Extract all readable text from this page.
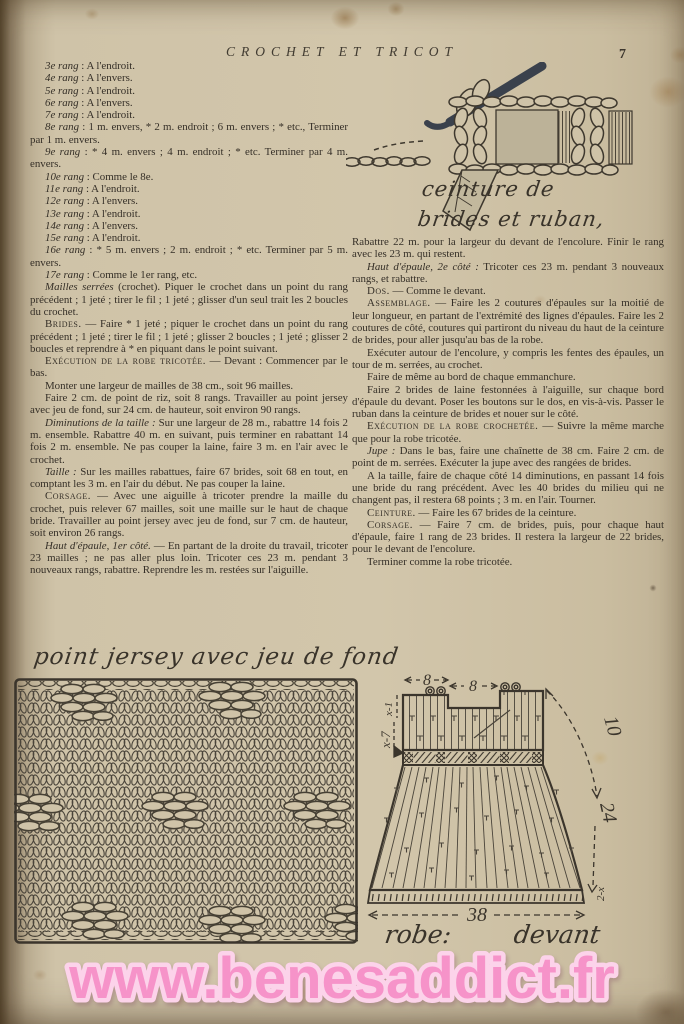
CROCHET ET TRICOT	7

3e rang : A l'endroit.

4e rang : A l'envers.

5e rang : A l'endroit.

6e rang : A l'envers.

7e rang : A l'endroit.

8e rang : 1 m. envers, * 2 m. endroit ; 6 m. envers ; * etc., Terminer par 1 m. envers.

9e rang : * 4 m. envers ; 4 m. endroit ; * etc. Terminer par 4 m. envers.

10e rang : Comme le 8e.

11e rang : A l'endroit.

12e rang : A l'envers.

13e rang : A l'endroit.

14e rang : A l'envers.

15e rang : A l'endroit.

16e rang : * 5 m. envers ; 2 m. endroit ; * etc. Terminer par 5 m. envers.

17e rang : Comme le 1er rang, etc.

Mailles serrées (crochet). Piquer le crochet dans un point du rang précédent ; 1 jeté ; tirer le fil ; 1 jeté ; glisser d'un seul trait les 2 boucles du crochet.

Brides. — Faire * 1 jeté ; piquer le crochet dans un point du rang précédent ; 1 jeté ; tirer le fil ; 1 jeté ; glisser 2 boucles ; 1 jeté ; glisser 2 boucles et reprendre à * en piquant dans le point suivant.

Exécution de la robe tricotée. — Devant : Commencer par le bas.

Monter une largeur de mailles de 38 cm., soit 96 mailles.

Faire 2 cm. de point de riz, soit 8 rangs. Travailler au point jersey avec jeu de fond, sur 24 cm. de hauteur, soit environ 90 rangs.

Diminutions de la taille : Sur une largeur de 28 m., rabattre 14 fois 2 m. ensemble. Rabattre 40 m. en suivant, puis terminer en rabattant 14 fois 2 m. ensemble. Ne pas couper la laine, faire 3 m. en l'air avec le crochet.

Taille : Sur les mailles rabattues, faire 67 brides, soit 68 en tout, en comptant les 3 m. en l'air du début. Ne pas couper la laine.

Corsage. — Avec une aiguille à tricoter prendre la maille du crochet, puis relever 67 mailles, soit une maille sur le haut de chaque bride. Travailler au point jersey avec jeu de fond, sur 7 cm. de hauteur, soit environ 26 rangs.

Haut d'épaule, 1er côté. — En partant de la droite du travail, tricoter 23 mailles ; ne pas aller plus loin. Tricoter ces 23 m. pendant 3 nouveaux rangs, rabattre. Reprendre les m. restées sur l'aiguille.

ceinture de
brides et ruban,

Rabattre 22 m. pour la largeur du devant de l'encolure. Finir le rang avec les 23 m. qui restent.

Haut d'épaule, 2e côté : Tricoter ces 23 m. pendant 3 nouveaux rangs, et rabattre.

Dos. — Comme le devant.

Assemblage. — Faire les 2 coutures d'épaules sur la moitié de leur longueur, en partant de l'extrémité des lignes d'épaules. Faire les 2 coutures de côté, coutures qui partiront du niveau du haut de la ceinture de brides, pour aller jusqu'au bas de la robe.

Exécuter autour de l'encolure, y compris les fentes des épaules, un tour de m. serrées, au crochet.

Faire de même au bord de chaque emmanchure.

Faire 2 brides de laine festonnées à l'aiguille, sur chaque bord d'épaule du devant. Poser les boutons sur le dos, en vis-à-vis. Passer le ruban dans la ceinture de brides et nouer sur le côté.

Exécution de la robe crochetée. — Suivre la même marche que pour la robe tricotée.

Jupe : Dans le bas, faire une chaînette de 38 cm. Faire 2 cm. de point de m. serrées. Exécuter la jupe avec des rangées de brides.

A la taille, faire de chaque côté 14 diminutions, en passant 14 fois une bride du rang précédent. Avec les 40 brides du milieu qui ne changent pas, il restera 68 points ; 3 m. en l'air. Tourner.

Ceinture. — Faire les 67 brides de la ceinture.

Corsage. — Faire 7 cm. de brides, puis, pour chaque haut d'épaule, faire 1 rang de 23 brides. Il restera la largeur de 22 brides, pour le devant de l'encolure.

Terminer comme la robe tricotée.

point jersey avec jeu de fond
8 8
10
x-1
x-7
24
2-x
38
robe: devant
www.benesaddict.fr
